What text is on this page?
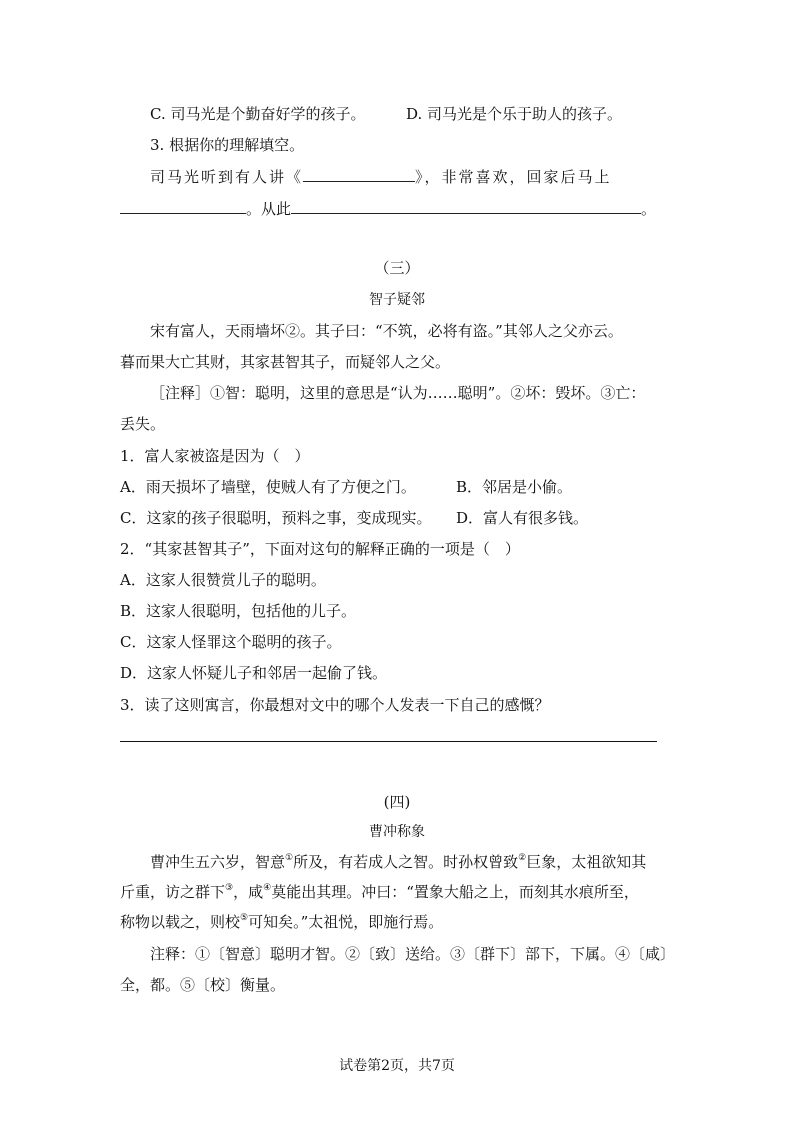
C. 司马光是个勤奋好学的孩子。	D. 司马光是个乐于助人的孩子。
3. 根据你的理解填空。
司马光听到有人讲《	》，非常喜欢，回家后马上
。从此	。
（三）
智子疑邻
宋有富人，天雨墙坏②。其子曰：“不筑，必将有盗。”其邻人之父亦云。
暮而果大亡其财，其家甚智其子，而疑邻人之父。
［注释］①智：聪明，这里的意思是“认为……聪明”。②坏：毁坏。③亡：
丢失。
1．富人家被盗是因为（　）
A．雨天损坏了墙壁，使贼人有了方便之门。	B．邻居是小偷。
C．这家的孩子很聪明，预料之事，变成现实。 D．富人有很多钱。
2．“其家甚智其子”，下面对这句的解释正确的一项是（　）
A．这家人很赞赏儿子的聪明。
B．这家人很聪明，包括他的儿子。
C．这家人怪罪这个聪明的孩子。
D．这家人怀疑儿子和邻居一起偷了钱。
3．读了这则寓言，你最想对文中的哪个人发表一下自己的感慨？
(四)
曹冲称象
曹冲生五六岁，智意①所及，有若成人之智。时孙权曾致②巨象，太祖欲知其
斤重，访之群下③，咸④莫能出其理。冲曰：“置象大船之上，而刻其水痕所至，
称物以载之，则校⑤可知矣。”太祖悦，即施行焉。
注释：①〔智意〕聪明才智。②〔致〕送给。③〔群下〕部下，下属。④〔咸〕
全，都。⑤〔校〕衡量。
试卷第2页，共7页
